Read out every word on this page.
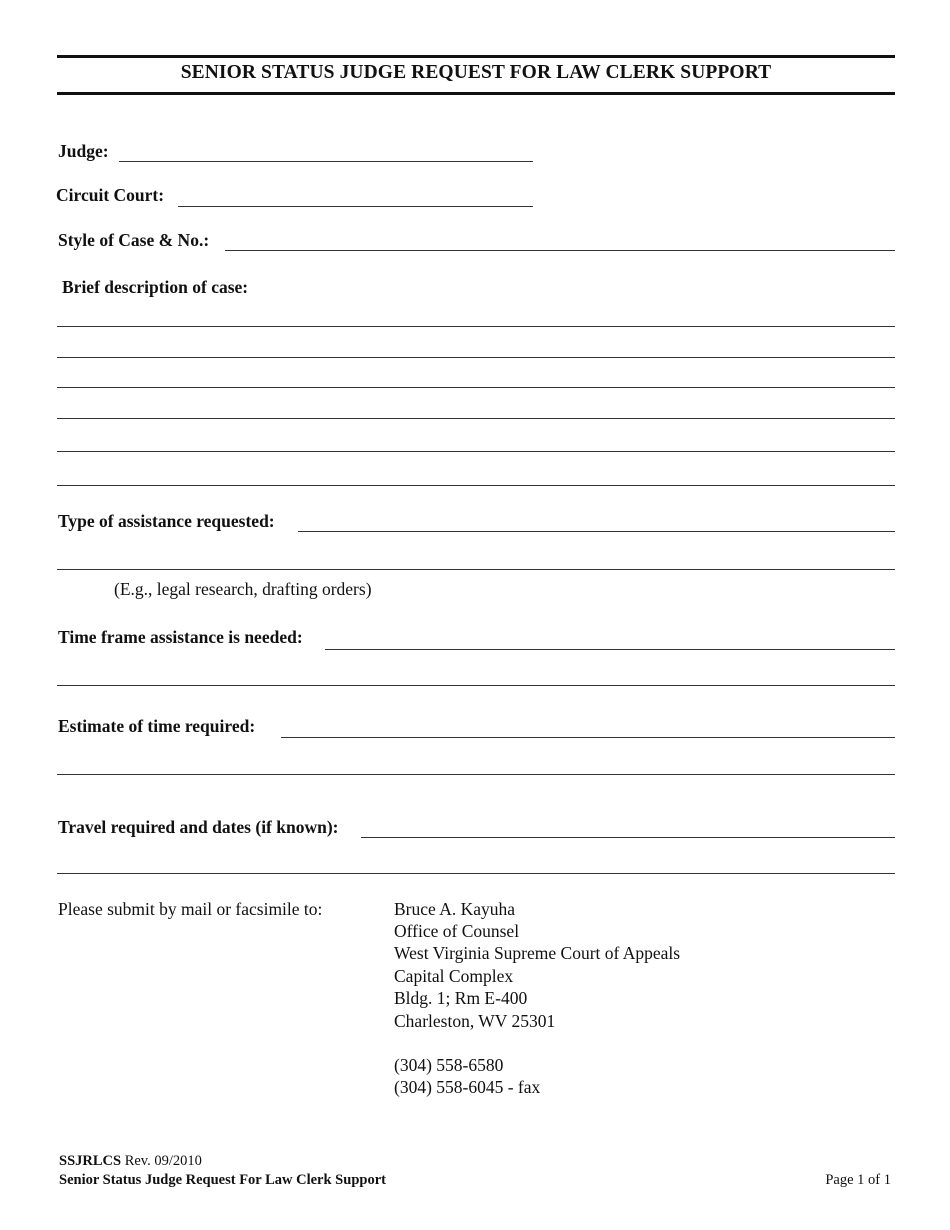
SENIOR STATUS JUDGE REQUEST FOR LAW CLERK SUPPORT
Judge:
Circuit Court:
Style of Case & No.:
Brief description of case:
Type of assistance requested:
(E.g., legal research, drafting orders)
Time frame assistance is needed:
Estimate of time required:
Travel required and dates (if known):
Please submit by mail or facsimile to:	Bruce A. Kayuha
Office of Counsel
West Virginia Supreme Court of Appeals
Capital Complex
Bldg. 1; Rm E-400
Charleston, WV 25301
(304) 558-6580
(304) 558-6045 - fax
SSJRLCS Rev. 09/2010
Senior Status Judge Request For Law Clerk Support	Page 1 of 1
